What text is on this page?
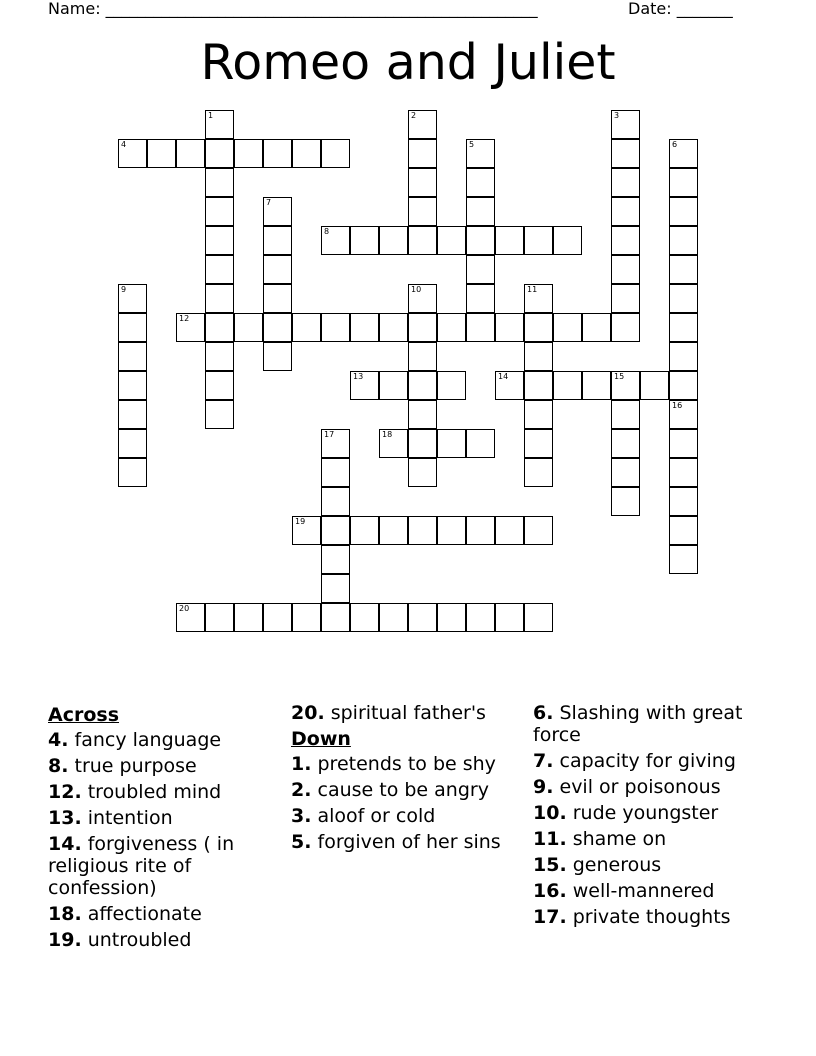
Name: ______________________________________________________	Date: _______
Romeo and Juliet
4
8
12
13	14	15
18
19
20
1	2	3
5	6
7
9	10	11
16
17
Across
4. fancy language
8. true purpose
12. troubled mind
13. intention
14. forgiveness ( in religious rite of confession)
18. affectionate
19. untroubled
20. spiritual father's
Down
1. pretends to be shy
2. cause to be angry
3. aloof or cold
5. forgiven of her sins
6. Slashing with great force
7. capacity for giving
9. evil or poisonous
10. rude youngster
11. shame on
15. generous
16. well-mannered
17. private thoughts
